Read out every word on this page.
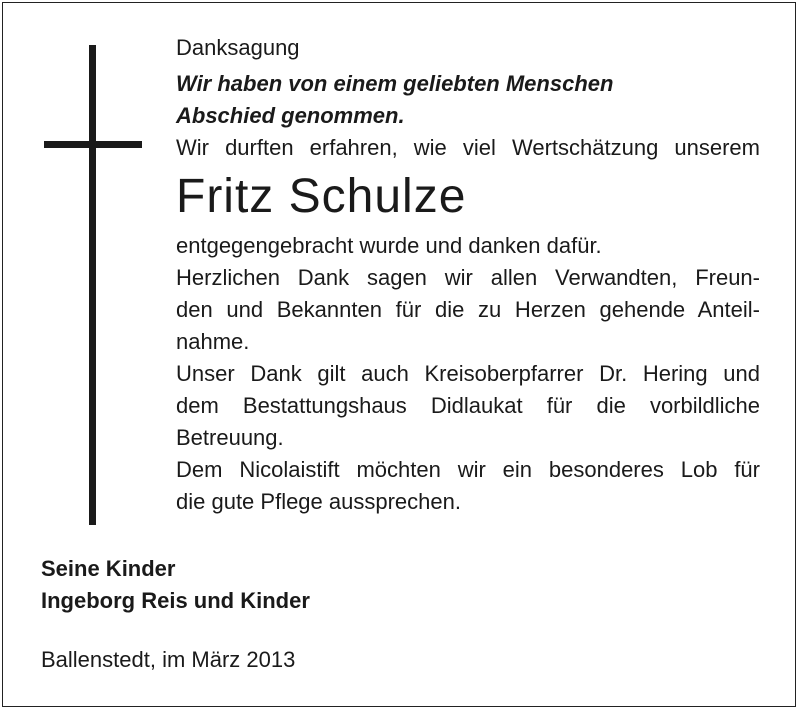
Danksagung

Wir haben von einem geliebten Menschen

Abschied genommen.

Wir durften erfahren, wie viel Wertschätzung unserem

Fritz Schulze

entgegengebracht wurde und danken dafür.

Herzlichen Dank sagen wir allen Verwandten, Freun-

den und Bekannten für die zu Herzen gehende Anteil-

nahme.

Unser Dank gilt auch Kreisoberpfarrer Dr. Hering und

dem Bestattungshaus Didlaukat für die vorbildliche

Betreuung.

Dem Nicolaistift möchten wir ein besonderes Lob für

die gute Pflege aussprechen.

Seine Kinder

Ingeborg Reis und Kinder

Ballenstedt, im März 2013
